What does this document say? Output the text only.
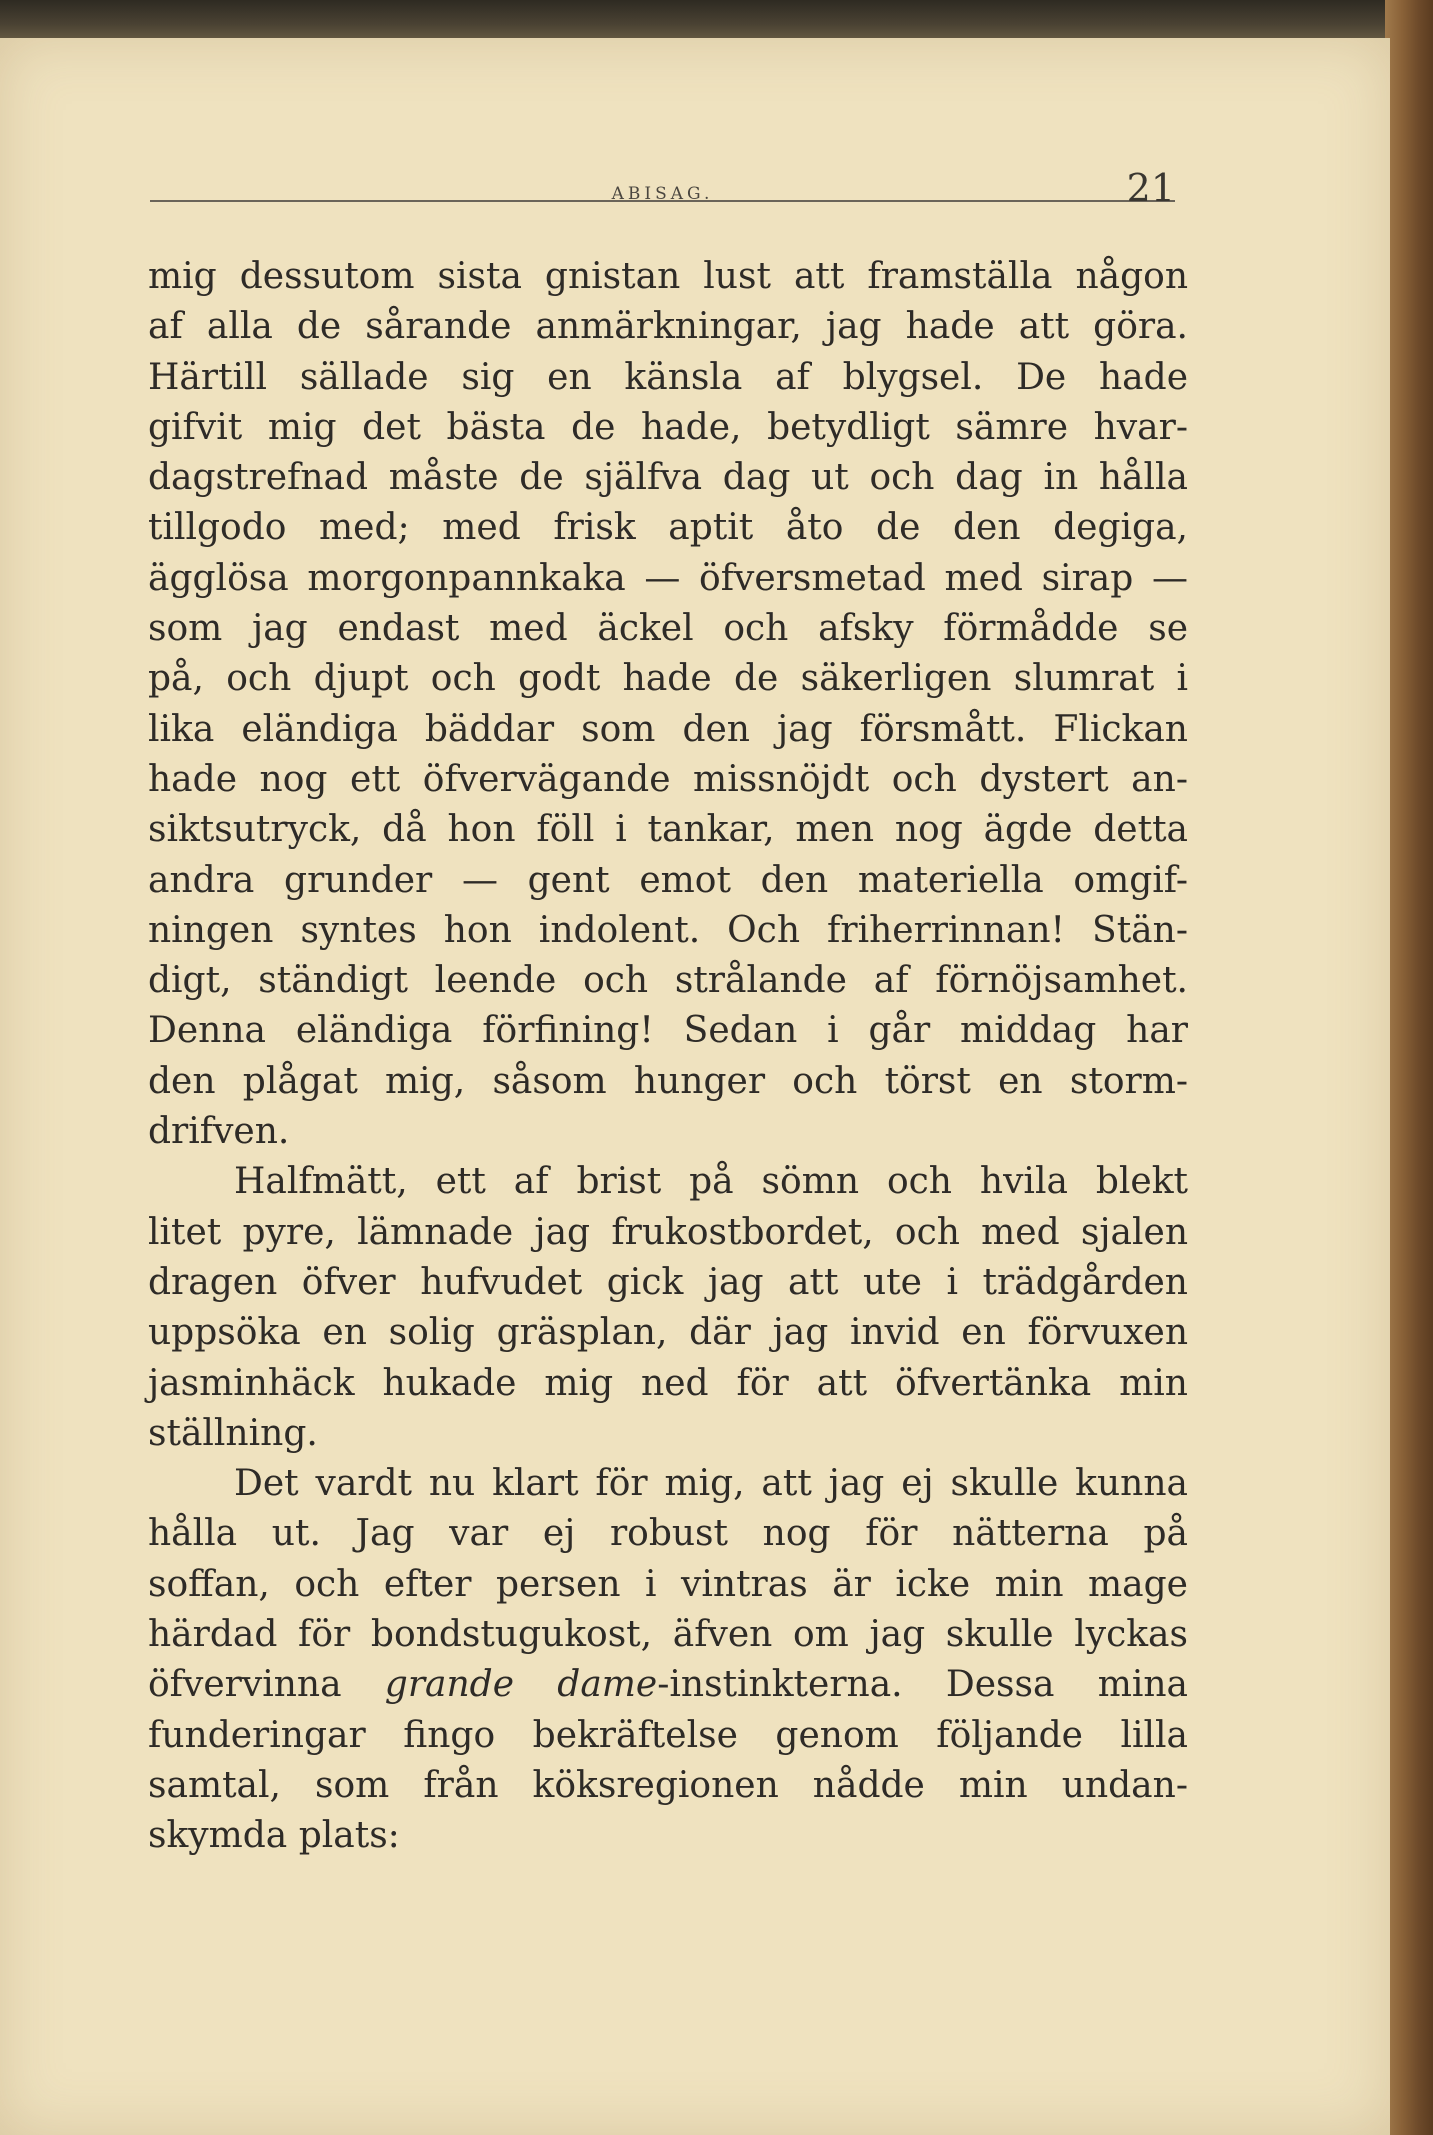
ABISAG.	21
mig dessutom sista gnistan lust att framställa någon
af alla de sårande anmärkningar, jag hade att göra.
Härtill sällade sig en känsla af blygsel. De hade
gifvit mig det bästa de hade, betydligt sämre hvar-
dagstrefnad måste de själfva dag ut och dag in hålla
tillgodo med; med frisk aptit åto de den degiga,
ägglösa morgonpannkaka — öfversmetad med sirap —
som jag endast med äckel och afsky förmådde se
på, och djupt och godt hade de säkerligen slumrat i
lika eländiga bäddar som den jag försmått. Flickan
hade nog ett öfvervägande missnöjdt och dystert an-
siktsutryck, då hon föll i tankar, men nog ägde detta
andra grunder — gent emot den materiella omgif-
ningen syntes hon indolent. Och friherrinnan! Stän-
digt, ständigt leende och strålande af förnöjsamhet.
Denna eländiga förfining! Sedan i går middag har
den plågat mig, såsom hunger och törst en storm-
drifven.
Halfmätt, ett af brist på sömn och hvila blekt
litet pyre, lämnade jag frukostbordet, och med sjalen
dragen öfver hufvudet gick jag att ute i trädgården
uppsöka en solig gräsplan, där jag invid en förvuxen
jasminhäck hukade mig ned för att öfvertänka min
ställning.
Det vardt nu klart för mig, att jag ej skulle kunna
hålla ut. Jag var ej robust nog för nätterna på
soffan, och efter persen i vintras är icke min mage
härdad för bondstugukost, äfven om jag skulle lyckas
öfvervinna grande dame-instinkterna. Dessa mina
funderingar fingo bekräftelse genom följande lilla
samtal, som från köksregionen nådde min undan-
skymda plats:
